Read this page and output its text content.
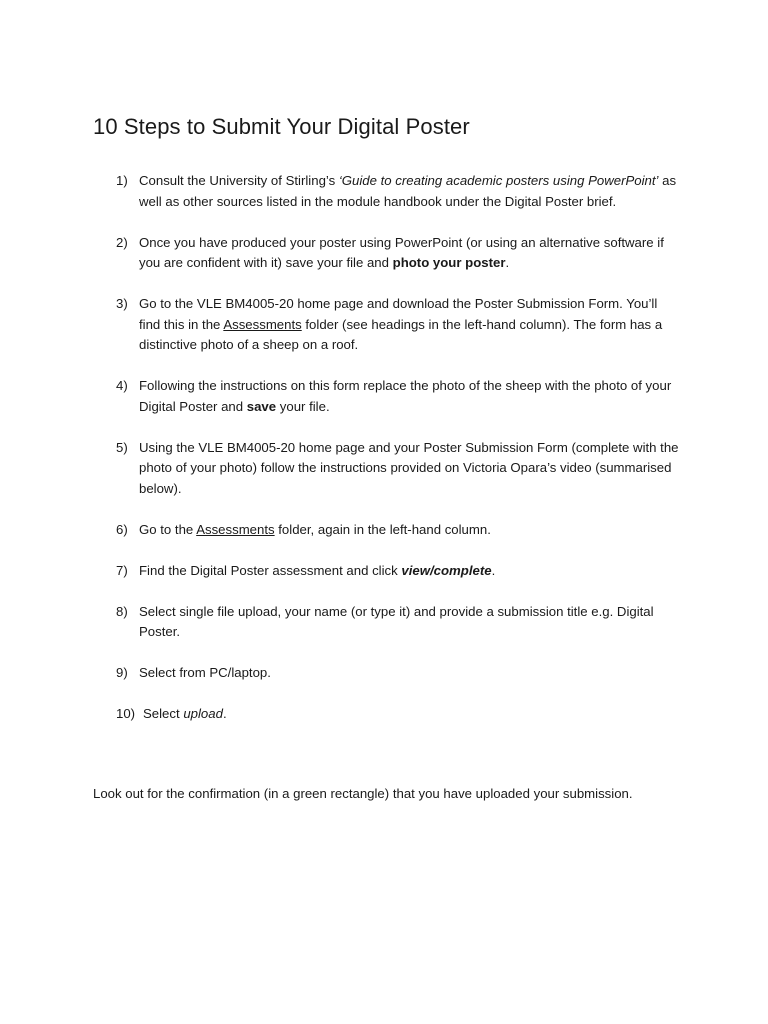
10 Steps to Submit Your Digital Poster
1) Consult the University of Stirling’s ‘Guide to creating academic posters using PowerPoint’ as well as other sources listed in the module handbook under the Digital Poster brief.
2) Once you have produced your poster using PowerPoint (or using an alternative software if you are confident with it) save your file and photo your poster.
3) Go to the VLE BM4005-20 home page and download the Poster Submission Form. You’ll find this in the Assessments folder (see headings in the left-hand column). The form has a distinctive photo of a sheep on a roof.
4) Following the instructions on this form replace the photo of the sheep with the photo of your Digital Poster and save your file.
5) Using the VLE BM4005-20 home page and your Poster Submission Form (complete with the photo of your photo) follow the instructions provided on Victoria Opara’s video (summarised below).
6) Go to the Assessments folder, again in the left-hand column.
7) Find the Digital Poster assessment and click view/complete.
8) Select single file upload, your name (or type it) and provide a submission title e.g. Digital Poster.
9) Select from PC/laptop.
10) Select upload.

Look out for the confirmation (in a green rectangle) that you have uploaded your submission.
